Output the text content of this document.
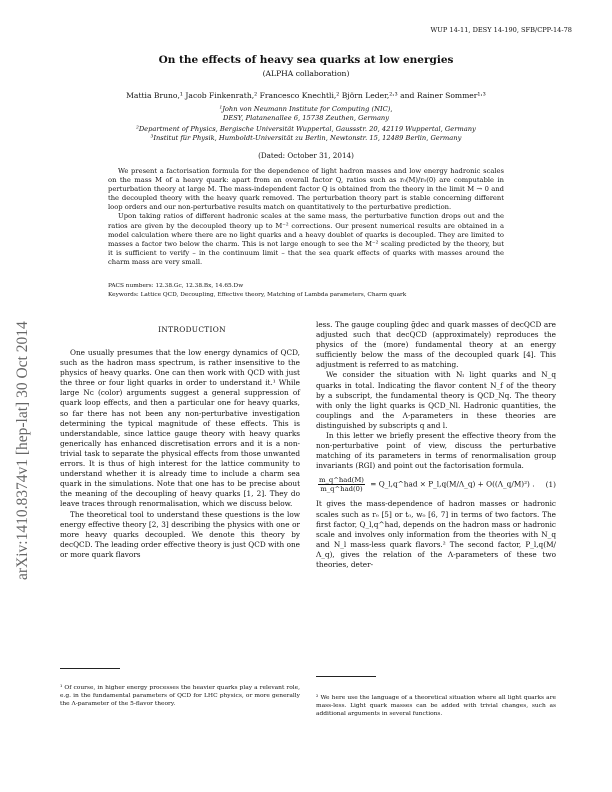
WUP 14-11, DESY 14-190, SFB/CPP-14-78
arXiv:1410.8374v1 [hep-lat] 30 Oct 2014
On the effects of heavy sea quarks at low energies
(ALPHA collaboration)
Mattia Bruno,¹ Jacob Finkenrath,² Francesco Knechtli,² Björn Leder,²˒³ and Rainer Sommer¹˒³
¹John von Neumann Institute for Computing (NIC),
DESY, Platanenallee 6, 15738 Zeuthen, Germany
²Department of Physics, Bergische Universität Wuppertal, Gaussstr. 20, 42119 Wuppertal, Germany
³Institut für Physik, Humboldt-Universität zu Berlin, Newtonstr. 15, 12489 Berlin, Germany
(Dated: October 31, 2014)

We present a factorisation formula for the dependence of light hadron masses and low energy hadronic scales on the mass M of a heavy quark: apart from an overall factor Q, ratios such as r₀(M)/r₀(0) are computable in perturbation theory at large M. The mass-independent factor Q is obtained from the theory in the limit M → 0 and the decoupled theory with the heavy quark removed. The perturbation theory part is stable concerning different loop orders and our non-perturbative results match on quantitatively to the perturbative prediction.

Upon taking ratios of different hadronic scales at the same mass, the perturbative function drops out and the ratios are given by the decoupled theory up to M⁻² corrections. Our present numerical results are obtained in a model calculation where there are no light quarks and a heavy doublet of quarks is decoupled. They are limited to masses a factor two below the charm. This is not large enough to see the M⁻² scaling predicted by the theory, but it is sufficient to verify – in the continuum limit – that the sea quark effects of quarks with masses around the charm mass are very small.

PACS numbers: 12.38.Gc, 12.38.Bx, 14.65.Dw
Keywords: Lattice QCD, Decoupling, Effective theory, Matching of Lambda parameters, Charm quark
INTRODUCTION

One usually presumes that the low energy dynamics of QCD, such as the hadron mass spectrum, is rather insensitive to the physics of heavy quarks. One can then work with QCD with just the three or four light quarks in order to understand it.¹ While large Nᴄ (color) arguments suggest a general suppression of quark loop effects, and then a particular one for heavy quarks, so far there has not been any non-perturbative investigation determining the typical magnitude of these effects. This is understandable, since lattice gauge theory with heavy quarks generically has enhanced discretisation errors and it is a non-trivial task to separate the physical effects from those unwanted errors. It is thus of high interest for the lattice community to understand whether it is already time to include a charm sea quark in the simulations. Note that one has to be precise about the meaning of the decoupling of heavy quarks [1, 2]. They do leave traces through renormalisation, which we discuss below.

The theoretical tool to understand these questions is the low energy effective theory [2, 3] describing the physics with one or more heavy quarks decoupled. We denote this theory by decQCD. The leading order effective theory is just QCD with one or more quark flavors

less. The gauge coupling ḡdec and quark masses of decQCD are adjusted such that decQCD (approximately) reproduces the physics of the (more) fundamental theory at an energy sufficiently below the mass of the decoupled quark [4]. This adjustment is referred to as matching.

We consider the situation with Nₗ light quarks and N_q quarks in total. Indicating the flavor content N_f of the theory by a subscript, the fundamental theory is QCD_Nq. The theory with only the light quarks is QCD_Nl. Hadronic quantities, the couplings and the Λ-parameters in these theories are distinguished by subscripts q and l.

In this letter we briefly present the effective theory from the non-perturbative point of view, discuss the perturbative matching of its parameters in terms of renormalisation group invariants (RGI) and point out the factorisation formula.

$\frac{\text{m\_q\textasciicircum{}had(M)}}{\text{m\_q\textasciicircum{}had(0)}}$ = Q_l,q^had × P_l,q(M/Λ_q) + O((Λ_q/M)²) . (1)

It gives the mass-dependence of hadron masses or hadronic scales such as r₀ [5] or t₀, w₀ [6, 7] in terms of two factors. The first factor, Q_l,q^had, depends on the hadron mass or hadronic scale and involves only information from the theories with N_q and N_l mass-less quark flavors.² The second factor, P_l,q(M/Λ_q), gives the relation of the Λ-parameters of these two theories, deter-

¹ Of course, in higher energy processes the heavier quarks play a relevant role, e.g. in the fundamental parameters of QCD for LHC physics, or more generally the Λ-parameter of the 5-flavor theory.
² We here use the language of a theoretical situation where all light quarks are mass-less. Light quark masses can be added with trivial changes, such as additional arguments in several functions.
